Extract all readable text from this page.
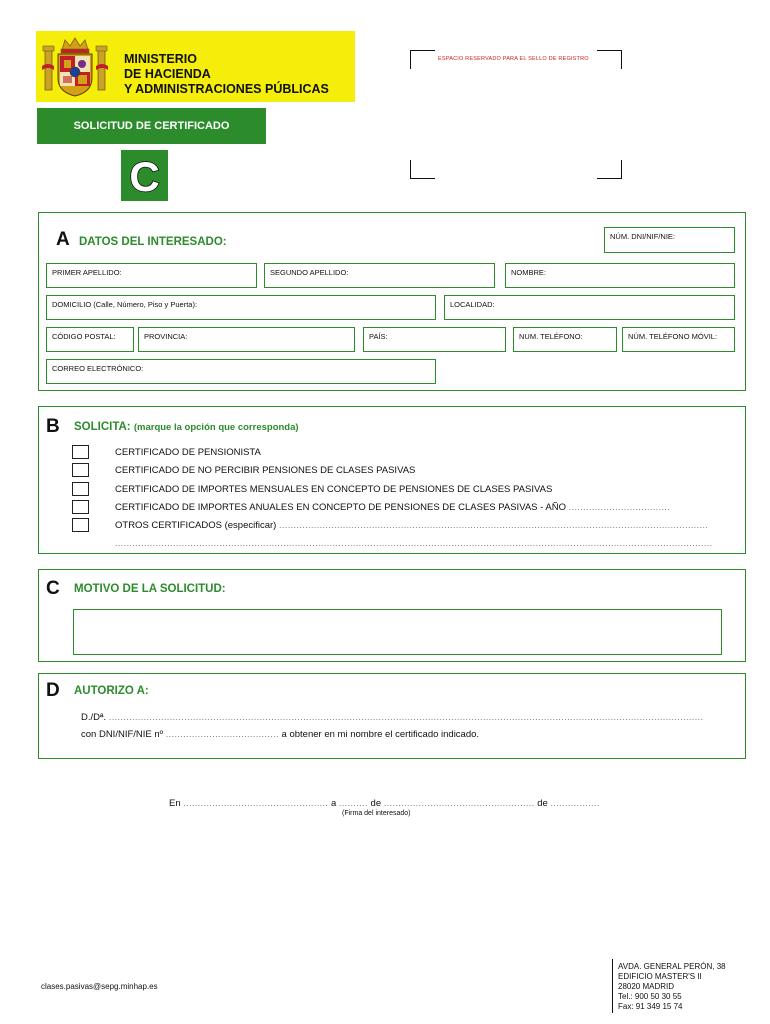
MINISTERIO
DE HACIENDA
Y ADMINISTRACIONES PÚBLICAS
SOLICITUD DE CERTIFICADO
C
ESPACIO RESERVADO PARA EL SELLO DE REGISTRO
A DATOS DEL INTERESADO:	NÚM. DNI/NIF/NIE:
PRIMER APELLIDO:	SEGUNDO APELLIDO:	NOMBRE:
DOMICILIO (Calle, Número, Piso y Puerta):	LOCALIDAD:
CÓDIGO POSTAL:	PROVINCIA:	PAÍS:	NUM. TELÉFONO:	NÚM. TELÉFONO MÓVIL:
CORREO ELECTRÓNICO:
B SOLICITA: (marque la opción que corresponda)
CERTIFICADO DE PENSIONISTA
CERTIFICADO DE NO PERCIBIR PENSIONES DE CLASES PASIVAS
CERTIFICADO DE IMPORTES MENSUALES EN CONCEPTO DE PENSIONES DE CLASES PASIVAS
CERTIFICADO DE IMPORTES ANUALES EN CONCEPTO DE PENSIONES DE CLASES PASIVAS - AÑO ...................................
OTROS CERTIFICADOS (especificar) ....................................................................................................................................................
..............................................................................................................................................................................................................
C MOTIVO DE LA SOLICITUD:
D AUTORIZO A:
D./Dª. .............................................................................................................................................................................................................
con DNI/NIF/NIE nº ....................................... a obtener en mi nombre el certificado indicado.
En .................................................. a .......... de .................................................... de .................
(Firma del interesado)
clases.pasivas@sepg.minhap.es
AVDA. GENERAL PERÓN, 38
EDIFICIO MASTER'S II
28020 MADRID
Tel.: 900 50 30 55
Fax: 91 349 15 74
